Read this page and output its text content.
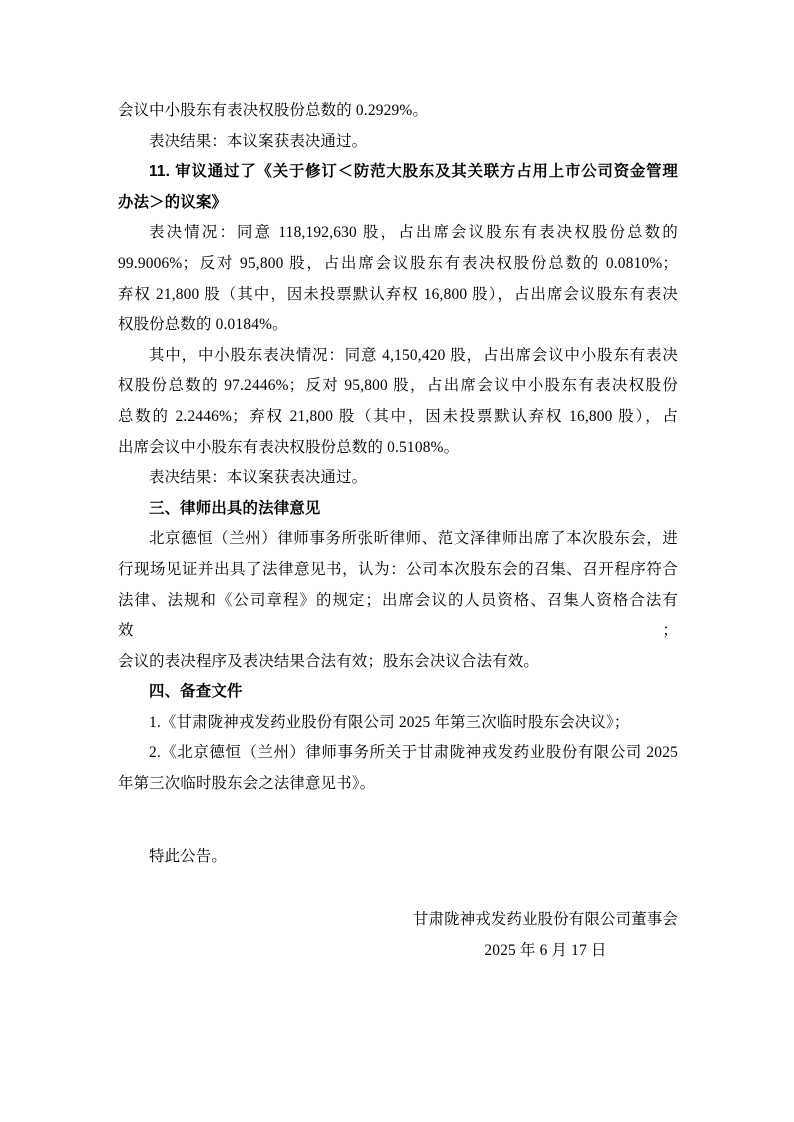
会议中小股东有表决权股份总数的 0.2929%。
表决结果：本议案获表决通过。
11. 审议通过了《关于修订＜防范大股东及其关联方占用上市公司资金管理
办法＞的议案》
表决情况：同意 118,192,630 股，占出席会议股东有表决权股份总数的
99.9006%；反对 95,800 股，占出席会议股东有表决权股份总数的 0.0810%；
弃权 21,800 股（其中，因未投票默认弃权 16,800 股），占出席会议股东有表决
权股份总数的 0.0184%。
其中，中小股东表决情况：同意 4,150,420 股，占出席会议中小股东有表决
权股份总数的 97.2446%；反对 95,800 股，占出席会议中小股东有表决权股份
总数的 2.2446%；弃权 21,800 股（其中，因未投票默认弃权 16,800 股），占
出席会议中小股东有表决权股份总数的 0.5108%。
表决结果：本议案获表决通过。
三、律师出具的法律意见
北京德恒（兰州）律师事务所张昕律师、范文泽律师出席了本次股东会，进
行现场见证并出具了法律意见书，认为：公司本次股东会的召集、召开程序符合
法律、法规和《公司章程》的规定；出席会议的人员资格、召集人资格合法有效；
会议的表决程序及表决结果合法有效；股东会决议合法有效。
四、备查文件
1.《甘肃陇神戎发药业股份有限公司 2025 年第三次临时股东会决议》；
2.《北京德恒（兰州）律师事务所关于甘肃陇神戎发药业股份有限公司 2025
年第三次临时股东会之法律意见书》。
特此公告。
甘肃陇神戎发药业股份有限公司董事会
2025 年 6 月 17 日
